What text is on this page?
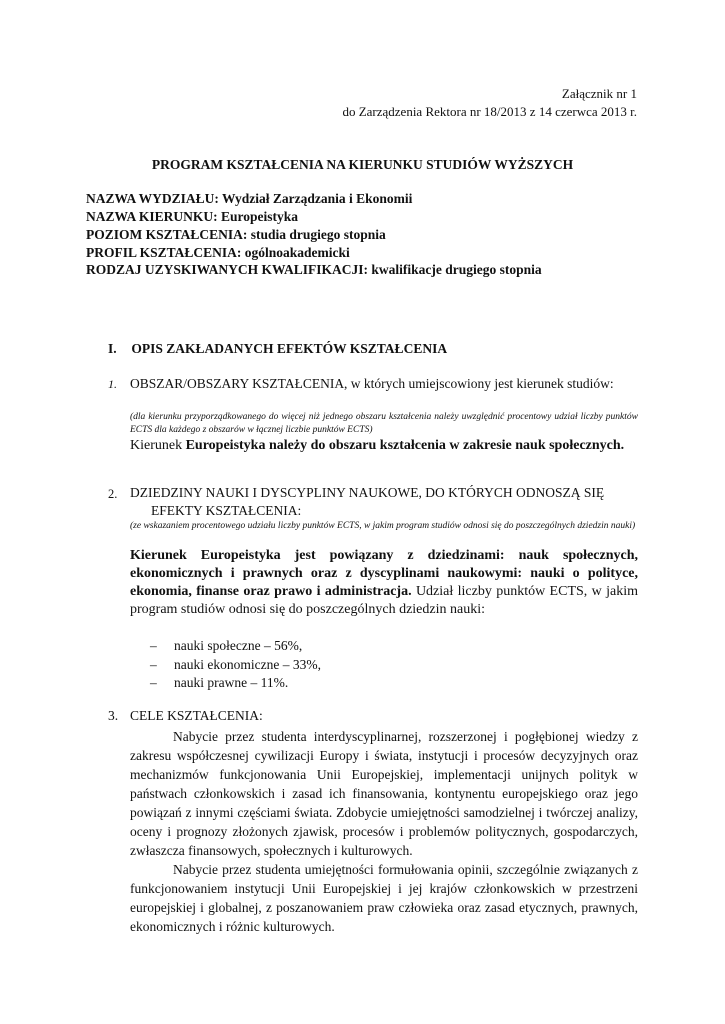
Załącznik nr 1
do Zarządzenia Rektora nr 18/2013 z 14 czerwca 2013 r.
PROGRAM KSZTAŁCENIA NA KIERUNKU STUDIÓW WYŻSZYCH
NAZWA WYDZIAŁU: Wydział Zarządzania i Ekonomii
NAZWA KIERUNKU: Europeistyka
POZIOM KSZTAŁCENIA: studia drugiego stopnia
PROFIL KSZTAŁCENIA: ogólnoakademicki
RODZAJ UZYSKIWANYCH KWALIFIKACJI: kwalifikacje drugiego stopnia
I. OPIS ZAKŁADANYCH EFEKTÓW KSZTAŁCENIA
1. OBSZAR/OBSZARY KSZTAŁCENIA, w których umiejscowiony jest kierunek studiów:
(dla kierunku przyporządkowanego do więcej niż jednego obszaru kształcenia należy uwzględnić procentowy udział liczby punktów ECTS dla każdego z obszarów w łącznej liczbie punktów ECTS)
Kierunek Europeistyka należy do obszaru kształcenia w zakresie nauk społecznych.
2. DZIEDZINY NAUKI I DYSCYPLINY NAUKOWE, DO KTÓRYCH ODNOSZĄ SIĘ
EFEKTY KSZTAŁCENIA:
(ze wskazaniem procentowego udziału liczby punktów ECTS, w jakim program studiów odnosi się do poszczególnych dziedzin nauki)
Kierunek Europeistyka jest powiązany z dziedzinami: nauk społecznych, ekonomicznych i prawnych oraz z dyscyplinami naukowymi: nauki o polityce, ekonomia, finanse oraz prawo i administracja. Udział liczby punktów ECTS, w jakim program studiów odnosi się do poszczególnych dziedzin nauki:
– nauki społeczne – 56%,
– nauki ekonomiczne – 33%,
– nauki prawne – 11%.
3. CELE KSZTAŁCENIA:
Nabycie przez studenta interdyscyplinarnej, rozszerzonej i pogłębionej wiedzy z zakresu współczesnej cywilizacji Europy i świata, instytucji i procesów decyzyjnych oraz mechanizmów funkcjonowania Unii Europejskiej, implementacji unijnych polityk w państwach członkowskich i zasad ich finansowania, kontynentu europejskiego oraz jego powiązań z innymi częściami świata. Zdobycie umiejętności samodzielnej i twórczej analizy, oceny i prognozy złożonych zjawisk, procesów i problemów politycznych, gospodarczych, zwłaszcza finansowych, społecznych i kulturowych.
Nabycie przez studenta umiejętności formułowania opinii, szczególnie związanych z funkcjonowaniem instytucji Unii Europejskiej i jej krajów członkowskich w przestrzeni europejskiej i globalnej, z poszanowaniem praw człowieka oraz zasad etycznych, prawnych, ekonomicznych i różnic kulturowych.
